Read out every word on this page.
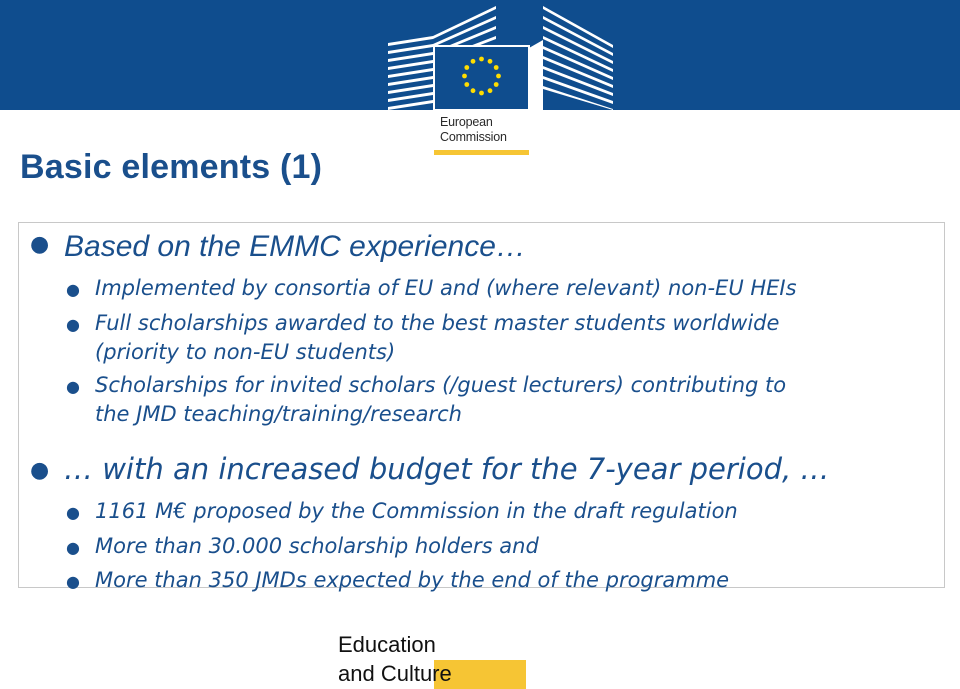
European
Commission
Basic elements (1)
● Based on the EMMC experience…
● Implemented by consortia of EU and (where relevant) non-EU HEIs
● Full scholarships awarded to the best master students worldwide
(priority to non-EU students)
● Scholarships for invited scholars (/guest lecturers) contributing to
the JMD teaching/training/research
● … with an increased budget for the 7-year period, …
● 1161 M€ proposed by the Commission in the draft regulation
● More than 30.000 scholarship holders and
● More than 350 JMDs expected by the end of the programme
Education
and Culture
